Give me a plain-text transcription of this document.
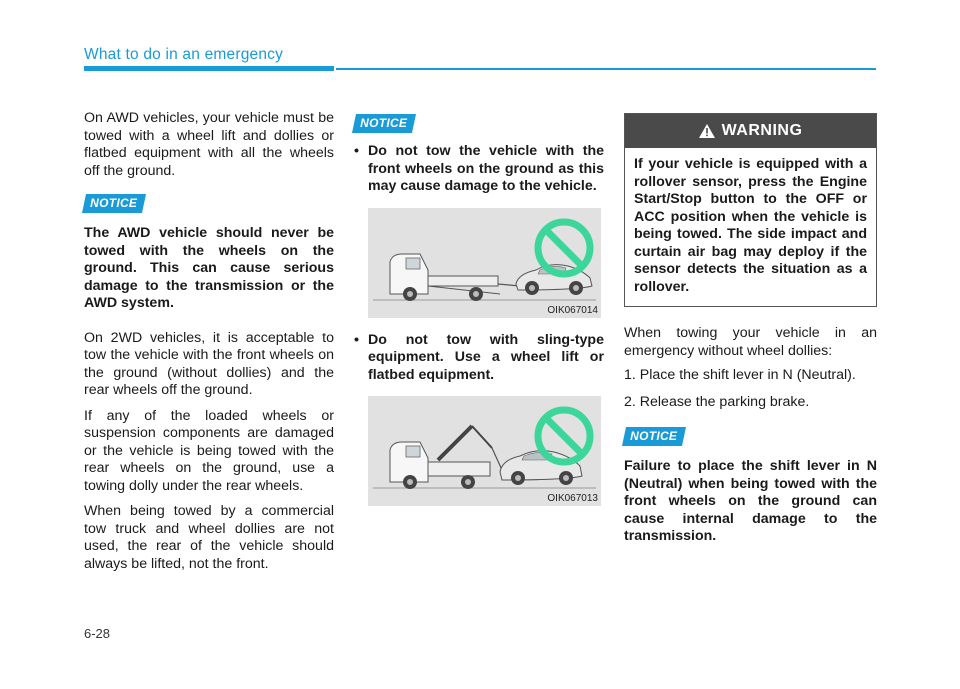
What to do in an emergency

On AWD vehicles, your vehicle must be towed with a wheel lift and dollies or flatbed equipment with all the wheels off the ground.

NOTICE

The AWD vehicle should never be towed with the wheels on the ground. This can cause serious damage to the transmission or the AWD system.

On 2WD vehicles, it is acceptable to tow the vehicle with the front wheels on the ground (without dollies) and the rear wheels off the ground.

If any of the loaded wheels or suspension components are damaged or the vehicle is being towed with the rear wheels on the ground, use a towing dolly under the rear wheels.

When being towed by a commercial tow truck and wheel dollies are not used, the rear of the vehicle should always be lifted, not the front.

NOTICE
• Do not tow the vehicle with the front wheels on the ground as this may cause damage to the vehicle.
OIK067014
• Do not tow with sling-type equipment. Use a wheel lift or flatbed equipment.
OIK067013
WARNING
If your vehicle is equipped with a rollover sensor, press the Engine Start/Stop button to the OFF or ACC position when the vehicle is being towed. The side impact and curtain air bag may deploy if the sensor detects the situation as a rollover.

When towing your vehicle in an emergency without wheel dollies:

1. Place the shift lever in N (Neutral).

2. Release the parking brake.

NOTICE

Failure to place the shift lever in N (Neutral) when being towed with the front wheels on the ground can cause internal damage to the transmission.

6-28
